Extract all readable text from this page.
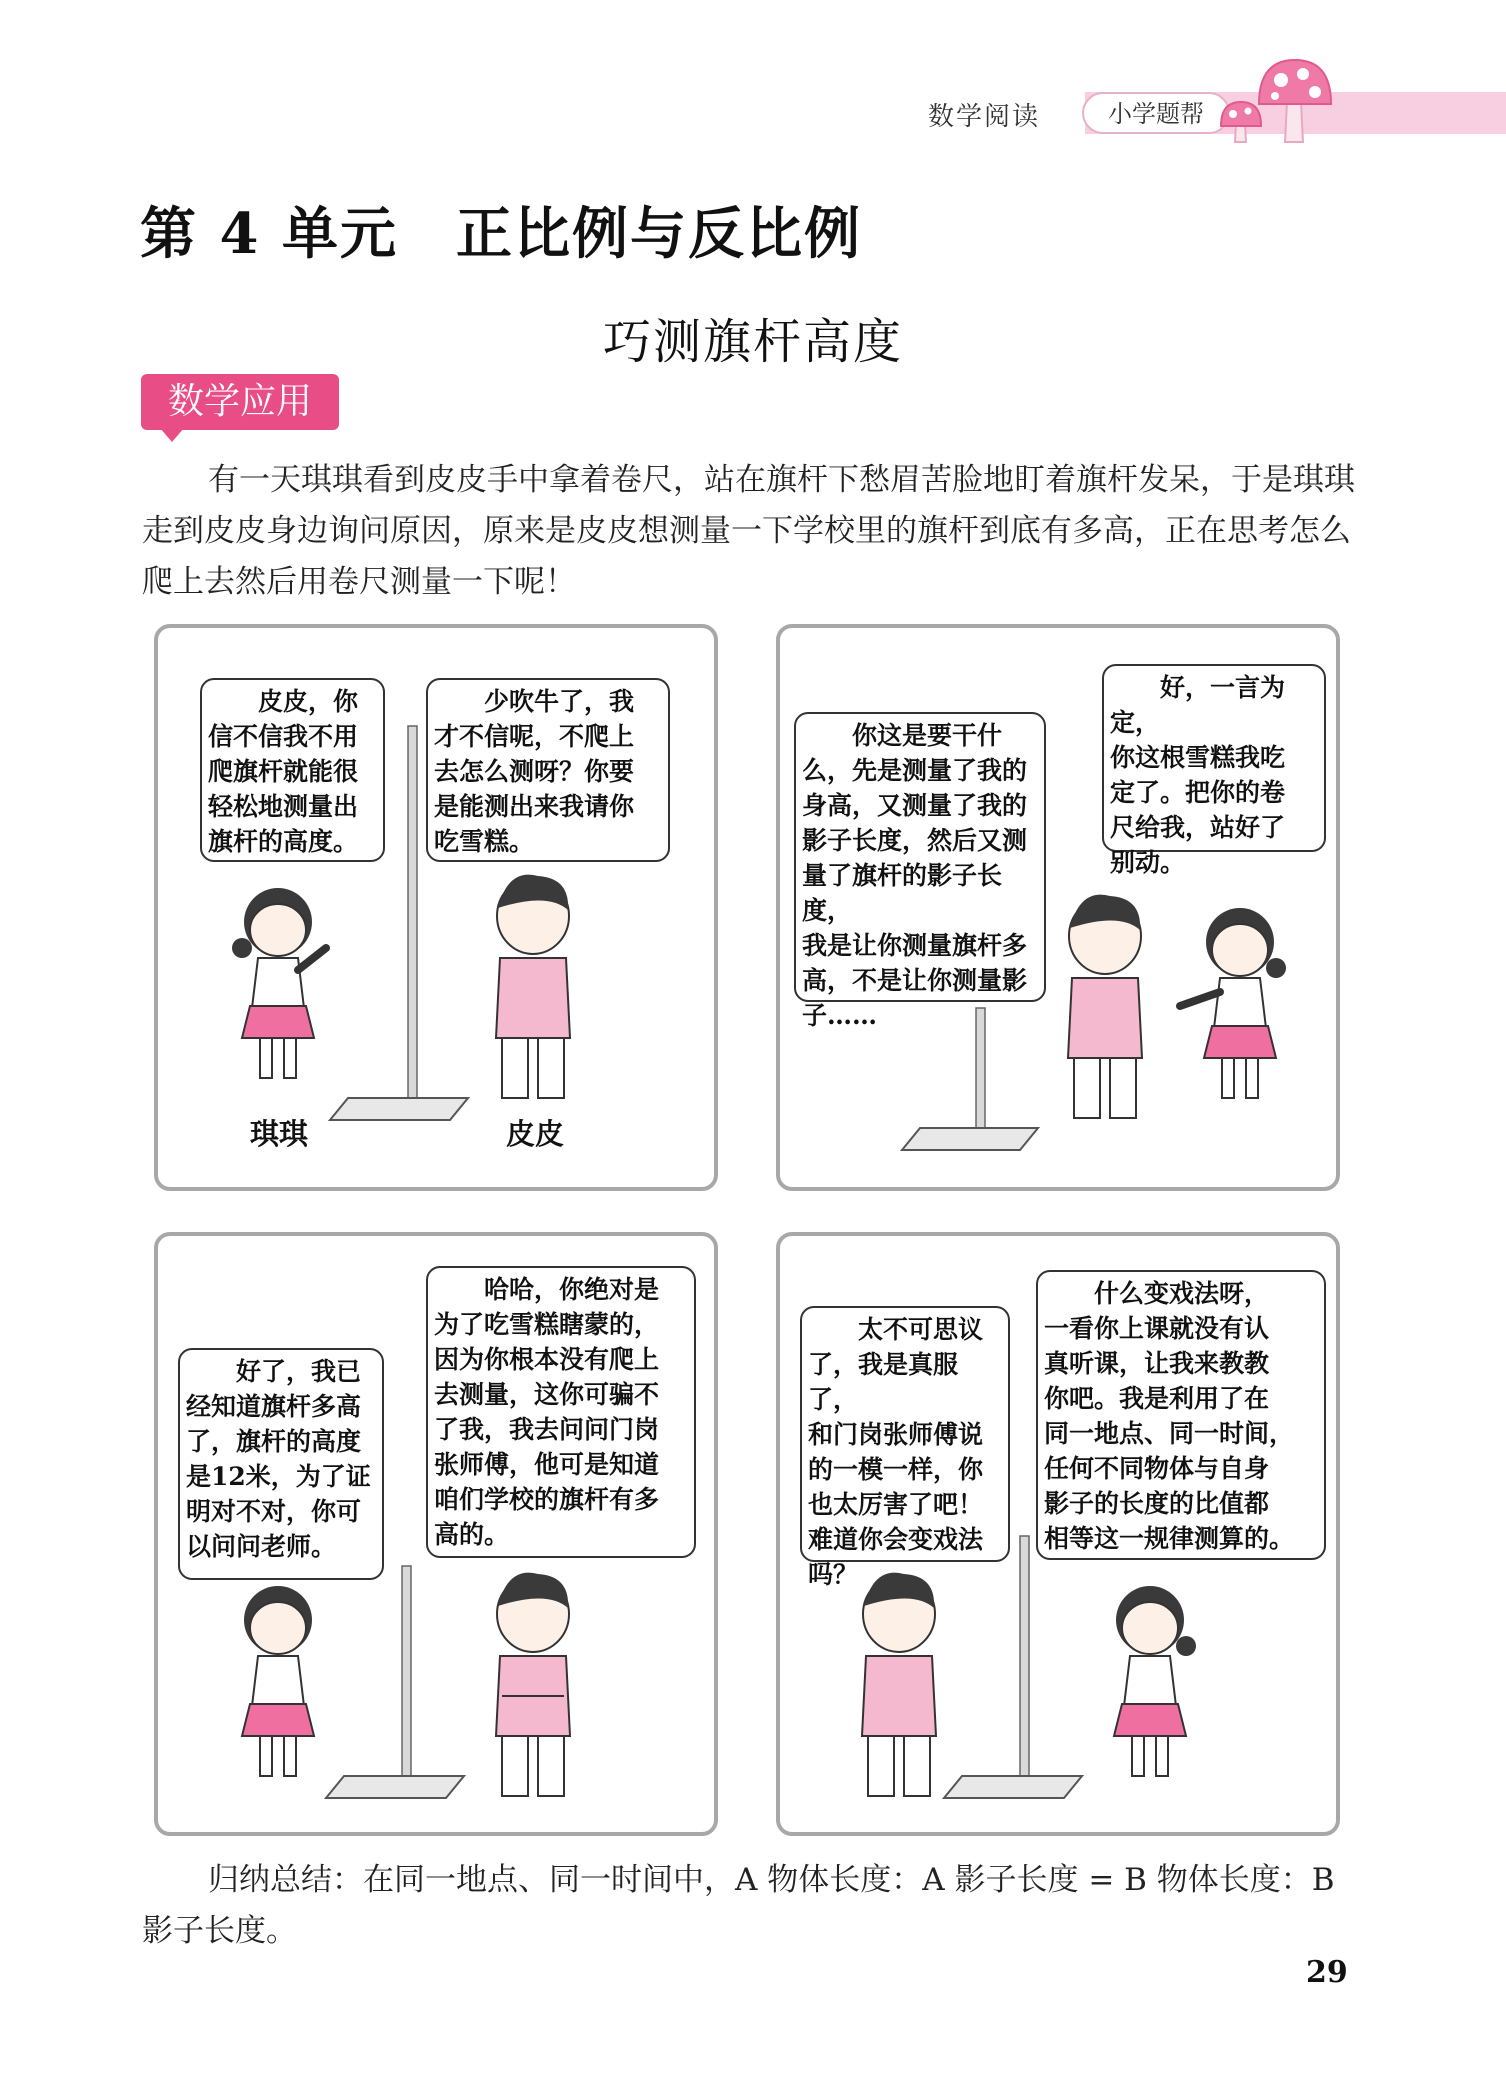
数学阅读	小学题帮
第 4 单元　正比例与反比例
巧测旗杆高度
数学应用
有一天琪琪看到皮皮手中拿着卷尺，站在旗杆下愁眉苦脸地盯着旗杆发呆，于是琪琪走到皮皮身边询问原因，原来是皮皮想测量一下学校里的旗杆到底有多高，正在思考怎么爬上去然后用卷尺测量一下呢！
　　皮皮，你
信不信我不用
爬旗杆就能很
轻松地测量出
旗杆的高度。
　　少吹牛了，我
才不信呢，不爬上
去怎么测呀？你要
是能测出来我请你
吃雪糕。
琪琪	皮皮
　　你这是要干什
么，先是测量了我的
身高，又测量了我的
影子长度，然后又测
量了旗杆的影子长度，
我是让你测量旗杆多
高，不是让你测量影
子……
　　好，一言为定，
你这根雪糕我吃
定了。把你的卷
尺给我，站好了
别动。
　　好了，我已
经知道旗杆多高
了，旗杆的高度
是12米，为了证
明对不对，你可
以问问老师。
　　哈哈，你绝对是
为了吃雪糕瞎蒙的，
因为你根本没有爬上
去测量，这你可骗不
了我，我去问问门岗
张师傅，他可是知道
咱们学校的旗杆有多
高的。
　　太不可思议
了，我是真服了，
和门岗张师傅说
的一模一样，你
也太厉害了吧！
难道你会变戏法
吗？
　　什么变戏法呀，
一看你上课就没有认
真听课，让我来教教
你吧。我是利用了在
同一地点、同一时间，
任何不同物体与自身
影子的长度的比值都
相等这一规律测算的。
归纳总结：在同一地点、同一时间中，A 物体长度：A 影子长度 = B 物体长度：B 影子长度。
29
